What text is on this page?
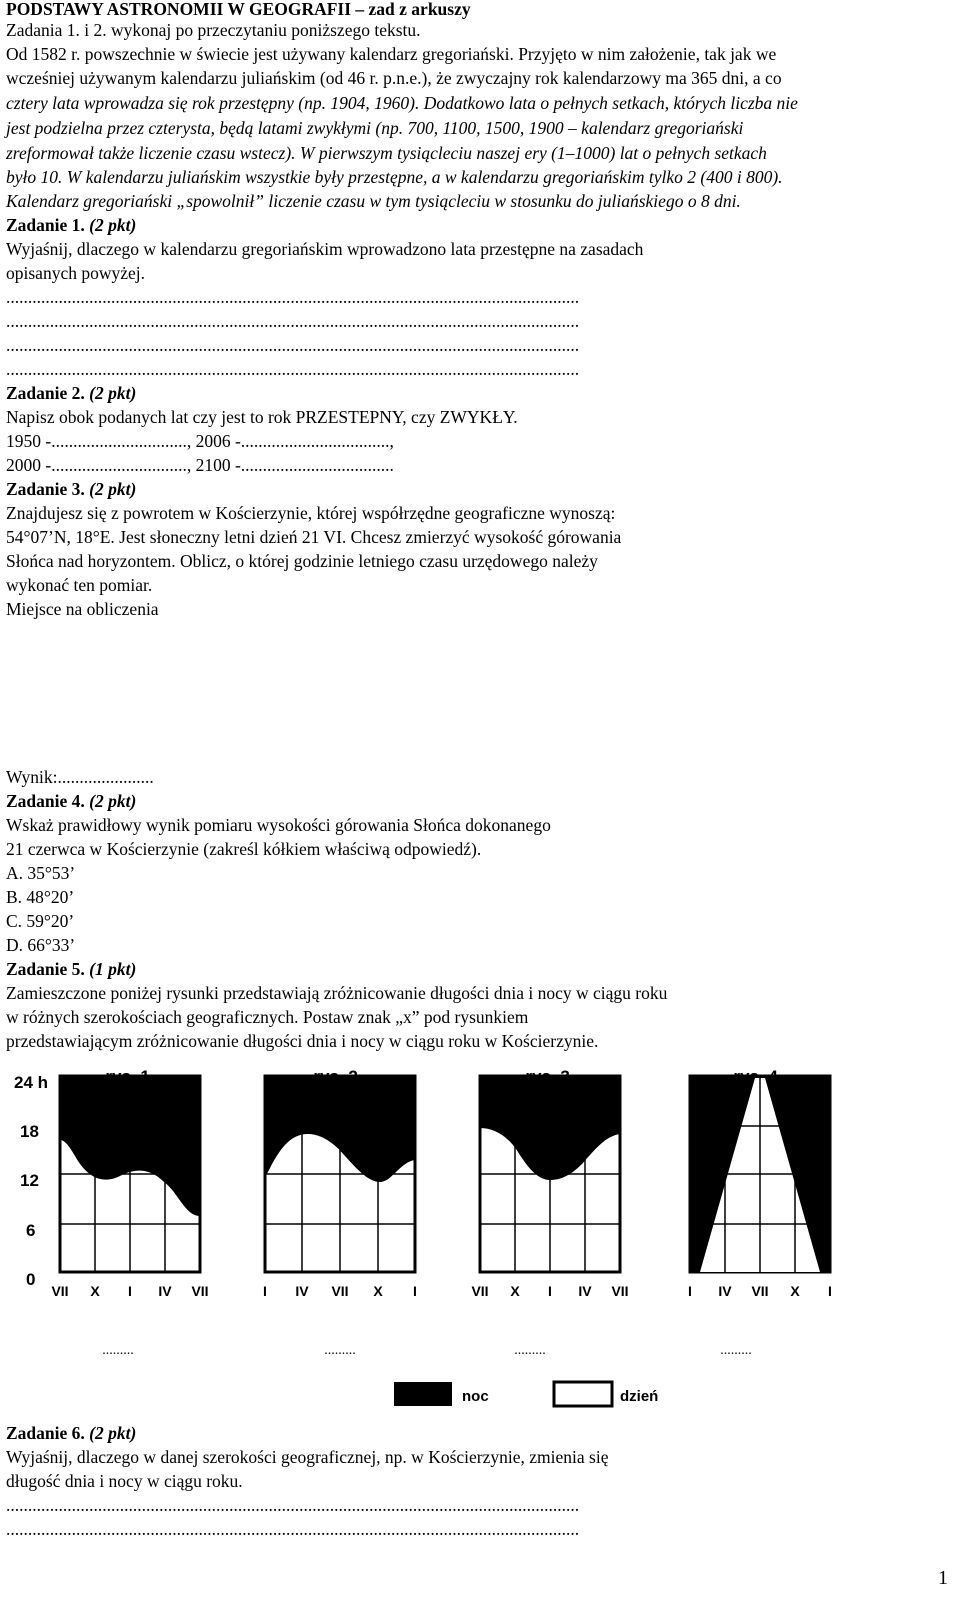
PODSTAWY ASTRONOMII W GEOGRAFII – zad z arkuszy
Zadania 1. i 2. wykonaj po przeczytaniu poniższego tekstu.
Od 1582 r. powszechnie w świecie jest używany kalendarz gregoriański. Przyjęto w nim założenie, tak jak we
wcześniej używanym kalendarzu juliańskim (od 46 r. p.n.e.), że zwyczajny rok kalendarzowy ma 365 dni, a co
cztery lata wprowadza się rok przestępny (np. 1904, 1960). Dodatkowo lata o pełnych setkach, których liczba nie
jest podzielna przez czterysta, będą latami zwykłymi (np. 700, 1100, 1500, 1900 – kalendarz gregoriański
zreformował także liczenie czasu wstecz). W pierwszym tysiącleciu naszej ery (1–1000) lat o pełnych setkach
było 10. W kalendarzu juliańskim wszystkie były przestępne, a w kalendarzu gregoriańskim tylko 2 (400 i 800).
Kalendarz gregoriański „spowolnił” liczenie czasu w tym tysiącleciu w stosunku do juliańskiego o 8 dni.
Zadanie 1. (2 pkt)
Wyjaśnij, dlaczego w kalendarzu gregoriańskim wprowadzono lata przestępne na zasadach
opisanych powyżej.
...................................................................................................................................
...................................................................................................................................
...................................................................................................................................
...................................................................................................................................
Zadanie 2. (2 pkt)
Napisz obok podanych lat czy jest to rok PRZESTEPNY, czy ZWYKŁY.
1950 -..............................., 2006 -..................................,
2000 -..............................., 2100 -...................................
Zadanie 3. (2 pkt)
Znajdujesz się z powrotem w Kościerzynie, której współrzędne geograficzne wynoszą:
54°07’N, 18°E. Jest słoneczny letni dzień 21 VI. Chcesz zmierzyć wysokość górowania
Słońca nad horyzontem. Oblicz, o której godzinie letniego czasu urzędowego należy
wykonać ten pomiar.
Miejsce na obliczenia
Wynik:......................
Zadanie 4. (2 pkt)
Wskaż prawidłowy wynik pomiaru wysokości górowania Słońca dokonanego
21 czerwca w Kościerzynie (zakreśl kółkiem właściwą odpowiedź).
A. 35°53’
B. 48°20’
C. 59°20’
D. 66°33’
Zadanie 5. (1 pkt)
Zamieszczone poniżej rysunki przedstawiają zróżnicowanie długości dnia i nocy w ciągu roku
w różnych szerokościach geograficznych. Postaw znak „x” pod rysunkiem
przedstawiającym zróżnicowanie długości dnia i nocy w ciągu roku w Kościerzynie.
Zadanie 6. (2 pkt)
Wyjaśnij, dlaczego w danej szerokości geograficznej, np. w Kościerzynie, zmienia się
długość dnia i nocy w ciągu roku.
...................................................................................................................................
...................................................................................................................................
24 h
18
12
6
0
VII X I IV VII	I IV VII X I	VII X I IV VII	I IV VII X I
.........	.........	.........	.........
noc	dzień
1
